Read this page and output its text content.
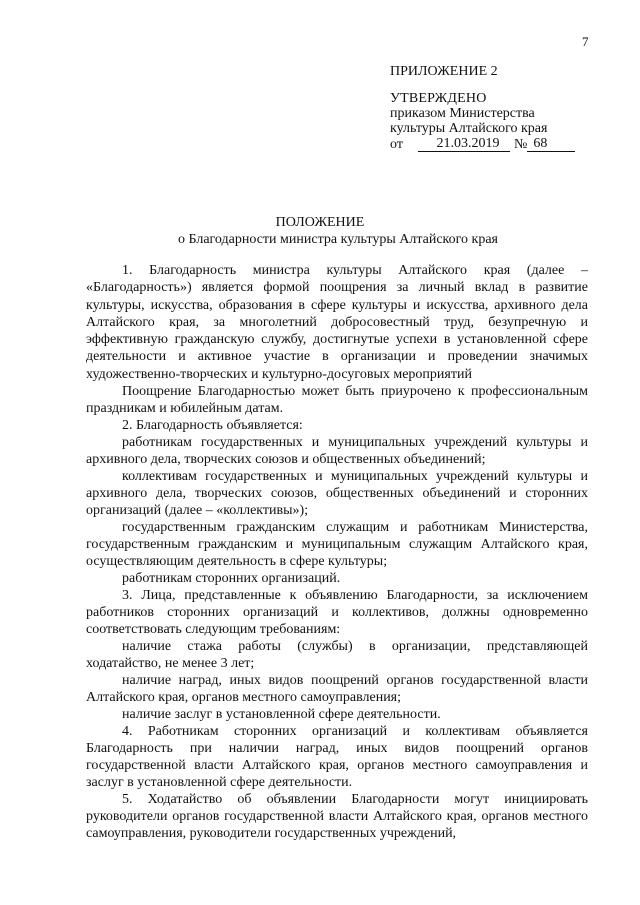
7
ПРИЛОЖЕНИЕ 2
УТВЕРЖДЕНО
приказом Министерства
культуры Алтайского края
от	21.03.2019	№ 68
ПОЛОЖЕНИЕ
о Благодарности министра культуры Алтайского края

1. Благодарность министра культуры Алтайского края (далее – «Благодарность») является формой поощрения за личный вклад в развитие культуры, искусства, образования в сфере культуры и искусства, архивного дела Алтайского края, за многолетний добросовестный труд, безупречную и эффективную гражданскую службу, достигнутые успехи в установленной сфере деятельности и активное участие в организации и проведении значимых художественно-творческих и культурно-досуговых мероприятий

Поощрение Благодарностью может быть приурочено к профессиональным праздникам и юбилейным датам.

2. Благодарность объявляется:

работникам государственных и муниципальных учреждений культуры и архивного дела, творческих союзов и общественных объединений;

коллективам государственных и муниципальных учреждений культуры и архивного дела, творческих союзов, общественных объединений и сторонних организаций (далее – «коллективы»);

государственным гражданским служащим и работникам Министерства, государственным гражданским и муниципальным служащим Алтайского края, осуществляющим деятельность в сфере культуры;

работникам сторонних организаций.

3. Лица, представленные к объявлению Благодарности, за исключением работников сторонних организаций и коллективов, должны одновременно соответствовать следующим требованиям:

наличие стажа работы (службы) в организации, представляющей ходатайство, не менее 3 лет;

наличие наград, иных видов поощрений органов государственной власти Алтайского края, органов местного самоуправления;

наличие заслуг в установленной сфере деятельности.

4. Работникам сторонних организаций и коллективам объявляется Благодарность при наличии наград, иных видов поощрений органов государственной власти Алтайского края, органов местного самоуправления и заслуг в установленной сфере деятельности.

5. Ходатайство об объявлении Благодарности могут инициировать руководители органов государственной власти Алтайского края, органов местного самоуправления, руководители государственных учреждений,
